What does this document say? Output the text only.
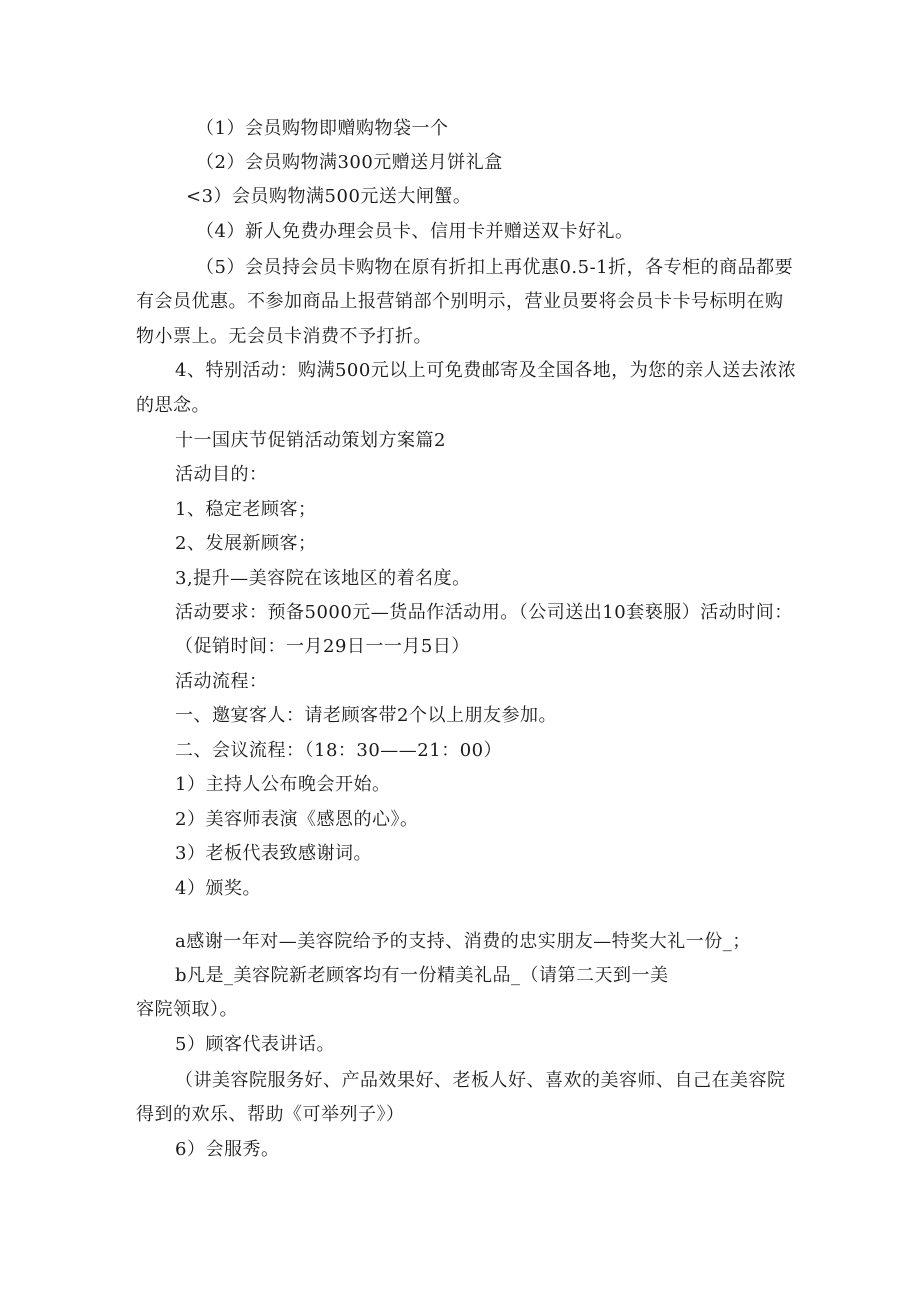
（1）会员购物即赠购物袋一个
（2）会员购物满300元赠送月饼礼盒
<3）会员购物满500元送大闸蟹。
（4）新人免费办理会员卡、信用卡并赠送双卡好礼。
（5）会员持会员卡购物在原有折扣上再优惠0.5-1折，各专柜的商品都要
有会员优惠。不参加商品上报营销部个别明示，营业员要将会员卡卡号标明在购
物小票上。无会员卡消费不予打折。
4、特别活动：购满500元以上可免费邮寄及全国各地，为您的亲人送去浓浓
的思念。
十一国庆节促销活动策划方案篇2
活动目的：
1、稳定老顾客；
2、发展新顾客；
3,提升—美容院在该地区的着名度。
活动要求：预备5000元—货品作活动用。（公司送出10套亵服）活动时间：
（促销时间：一月29日一一月5日）
活动流程：
一、邀宴客人：请老顾客带2个以上朋友参加。
二、会议流程：（18：30——21：00）
1）主持人公布晚会开始。
2）美容师表演《感恩的心》。
3）老板代表致感谢词。
4）颁奖。
a感谢一年对—美容院给予的支持、消费的忠实朋友—特奖大礼一份_；
b凡是_美容院新老顾客均有一份精美礼品_（请第二天到一美
容院领取）。
5）顾客代表讲话。
（讲美容院服务好、产品效果好、老板人好、喜欢的美容师、自己在美容院
得到的欢乐、帮助《可举列子》）
6）会服秀。
